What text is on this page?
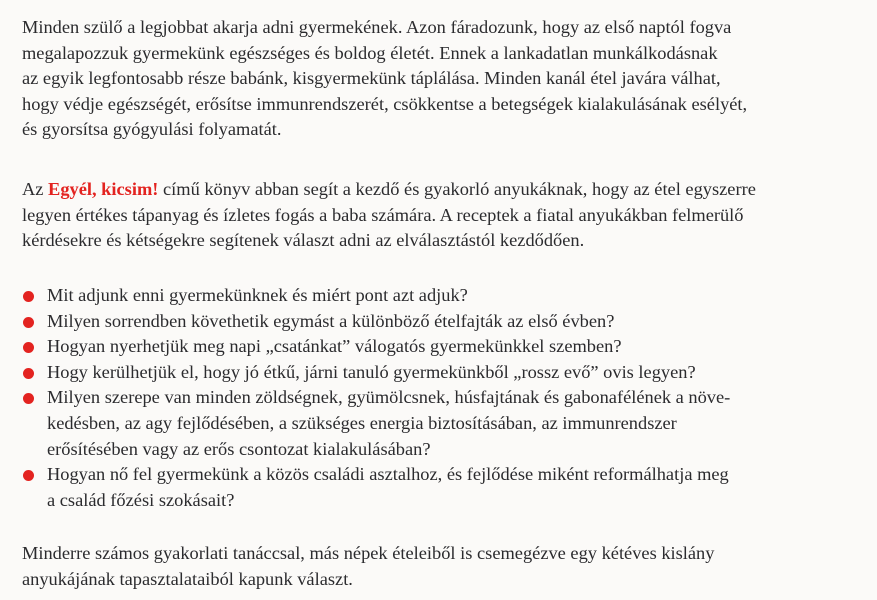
Minden szülő a legjobbat akarja adni gyermekének. Azon fáradozunk, hogy az első naptól fogva
megalapozzuk gyermekünk egészséges és boldog életét. Ennek a lankadatlan munkálkodásnak
az egyik legfontosabb része babánk, kisgyermekünk táplálása. Minden kanál étel javára válhat,
hogy védje egészségét, erősítse immunrendszerét, csökkentse a betegségek kialakulásának esélyét,
és gyorsítsa gyógyulási folyamatát.

Az Egyél, kicsim! című könyv abban segít a kezdő és gyakorló anyukáknak, hogy az étel egyszerre
legyen értékes tápanyag és ízletes fogás a baba számára. A receptek a fiatal anyukákban felmerülő
kérdésekre és kétségekre segítenek választ adni az elválasztástól kezdődően.

Mit adjunk enni gyermekünknek és miért pont azt adjuk?
Milyen sorrendben követhetik egymást a különböző ételfajták az első évben?
Hogyan nyerhetjük meg napi „csatánkat” válogatós gyermekünkkel szemben?
Hogy kerülhetjük el, hogy jó étkű, járni tanuló gyermekünkből „rossz evő” ovis legyen?
Milyen szerepe van minden zöldségnek, gyümölcsnek, húsfajtának és gabonafélének a növe-
kedésben, az agy fejlődésében, a szükséges energia biztosításában, az immunrendszer
erősítésében vagy az erős csontozat kialakulásában?
Hogyan nő fel gyermekünk a közös családi asztalhoz, és fejlődése miként reformálhatja meg
a család főzési szokásait?

Minderre számos gyakorlati tanáccsal, más népek ételeiből is csemegézve egy kétéves kislány
anyukájának tapasztalataiból kapunk választ.
